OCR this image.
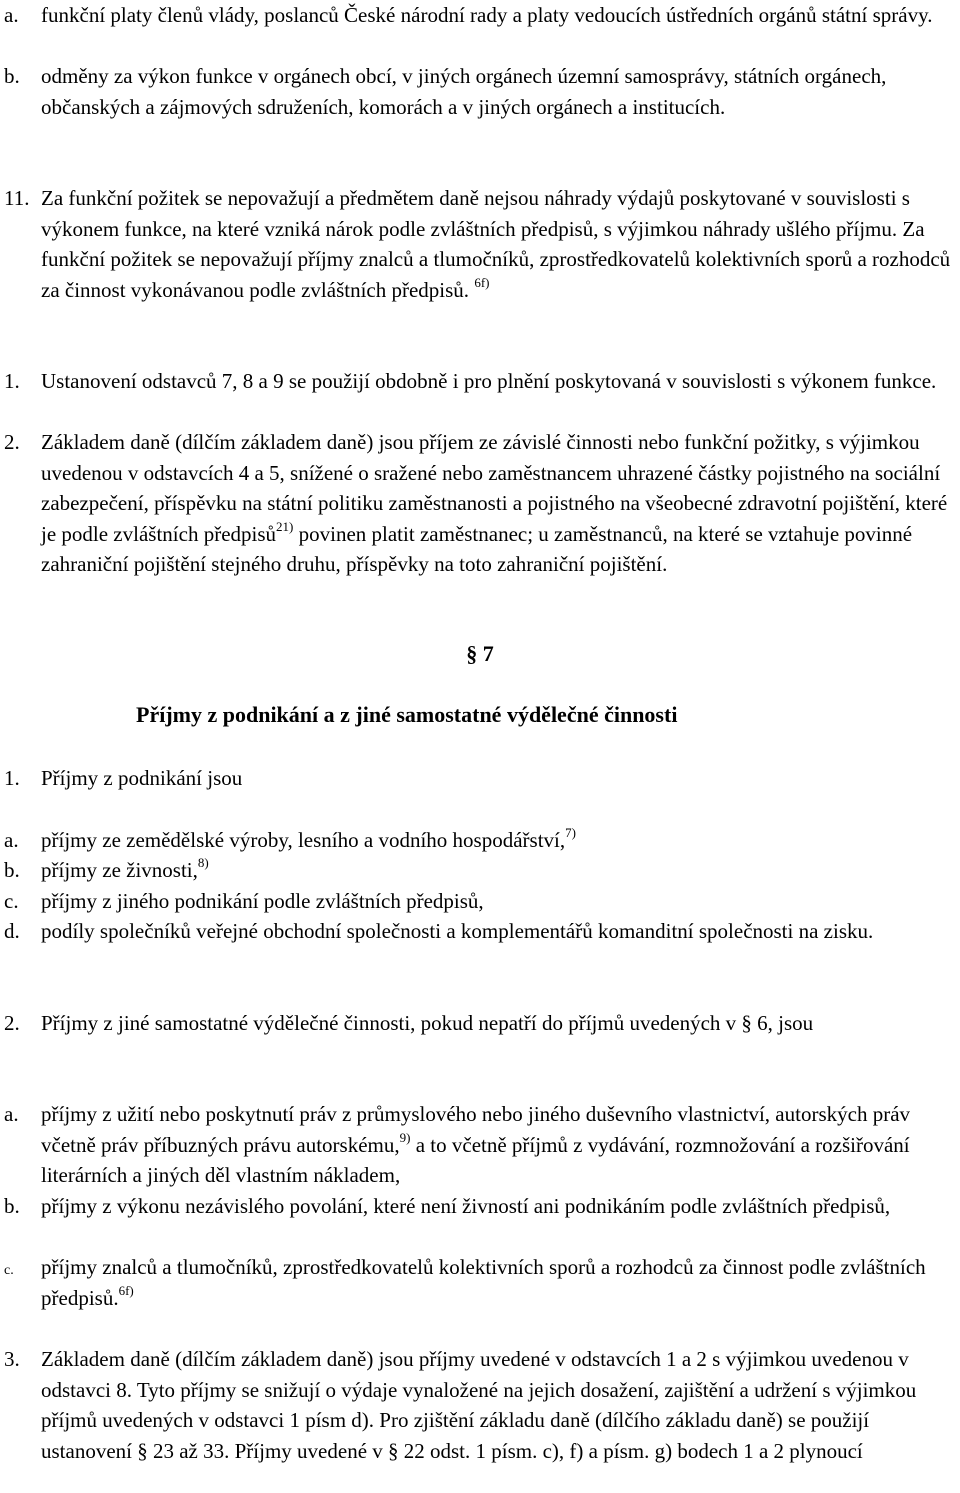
a. funkční platy členů vlády, poslanců České národní rady a platy vedoucích ústředních orgánů státní správy.
b. odměny za výkon funkce v orgánech obcí, v jiných orgánech územní samosprávy, státních orgánech, občanských a zájmových sdruženích, komorách a v jiných orgánech a institucích.
11. Za funkční požitek se nepovažují a předmětem daně nejsou náhrady výdajů poskytované v souvislosti s výkonem funkce, na které vzniká nárok podle zvláštních předpisů, s výjimkou náhrady ušlého příjmu. Za funkční požitek se nepovažují příjmy znalců a tlumočníků, zprostředkovatelů kolektivních sporů a rozhodců za činnost vykonávanou podle zvláštních předpisů. $^{6f)}$
1. Ustanovení odstavců 7, 8 a 9 se použijí obdobně i pro plnění poskytovaná v souvislosti s výkonem funkce.
2. Základem daně (dílčím základem daně) jsou příjem ze závislé činnosti nebo funkční požitky, s výjimkou uvedenou v odstavcích 4 a 5, snížené o sražené nebo zaměstnancem uhrazené částky pojistného na sociální zabezpečení, příspěvku na státní politiku zaměstnanosti a pojistného na všeobecné zdravotní pojištění, které je podle zvláštních předpisů$^{21)}$ povinen platit zaměstnanec; u zaměstnanců, na které se vztahuje povinné zahraniční pojištění stejného druhu, příspěvky na toto zahraniční pojištění.
§ 7
Příjmy z podnikání a z jiné samostatné výdělečné činnosti
1. Příjmy z podnikání jsou
a. příjmy ze zemědělské výroby, lesního a vodního hospodářství,$^{7)}$
b. příjmy ze živnosti,$^{8)}$
c. příjmy z jiného podnikání podle zvláštních předpisů,
d. podíly společníků veřejné obchodní společnosti a komplementářů komanditní společnosti na zisku.
2. Příjmy z jiné samostatné výdělečné činnosti, pokud nepatří do příjmů uvedených v § 6, jsou
a. příjmy z užití nebo poskytnutí práv z průmyslového nebo jiného duševního vlastnictví, autorských práv včetně práv příbuzných právu autorskému,$^{9)}$ a to včetně příjmů z vydávání, rozmnožování a rozšiřování literárních a jiných děl vlastním nákladem,
b. příjmy z výkonu nezávislého povolání, které není živností ani podnikáním podle zvláštních předpisů,
c. příjmy znalců a tlumočníků, zprostředkovatelů kolektivních sporů a rozhodců za činnost podle zvláštních předpisů.$^{6f)}$
3. Základem daně (dílčím základem daně) jsou příjmy uvedené v odstavcích 1 a 2 s výjimkou uvedenou v odstavci 8. Tyto příjmy se snižují o výdaje vynaložené na jejich dosažení, zajištění a udržení s výjimkou příjmů uvedených v odstavci 1 písm d). Pro zjištění základu daně (dílčího základu daně) se použijí ustanovení § 23 až 33. Příjmy uvedené v § 22 odst. 1 písm. c), f) a písm. g) bodech 1 a 2 plynoucí
